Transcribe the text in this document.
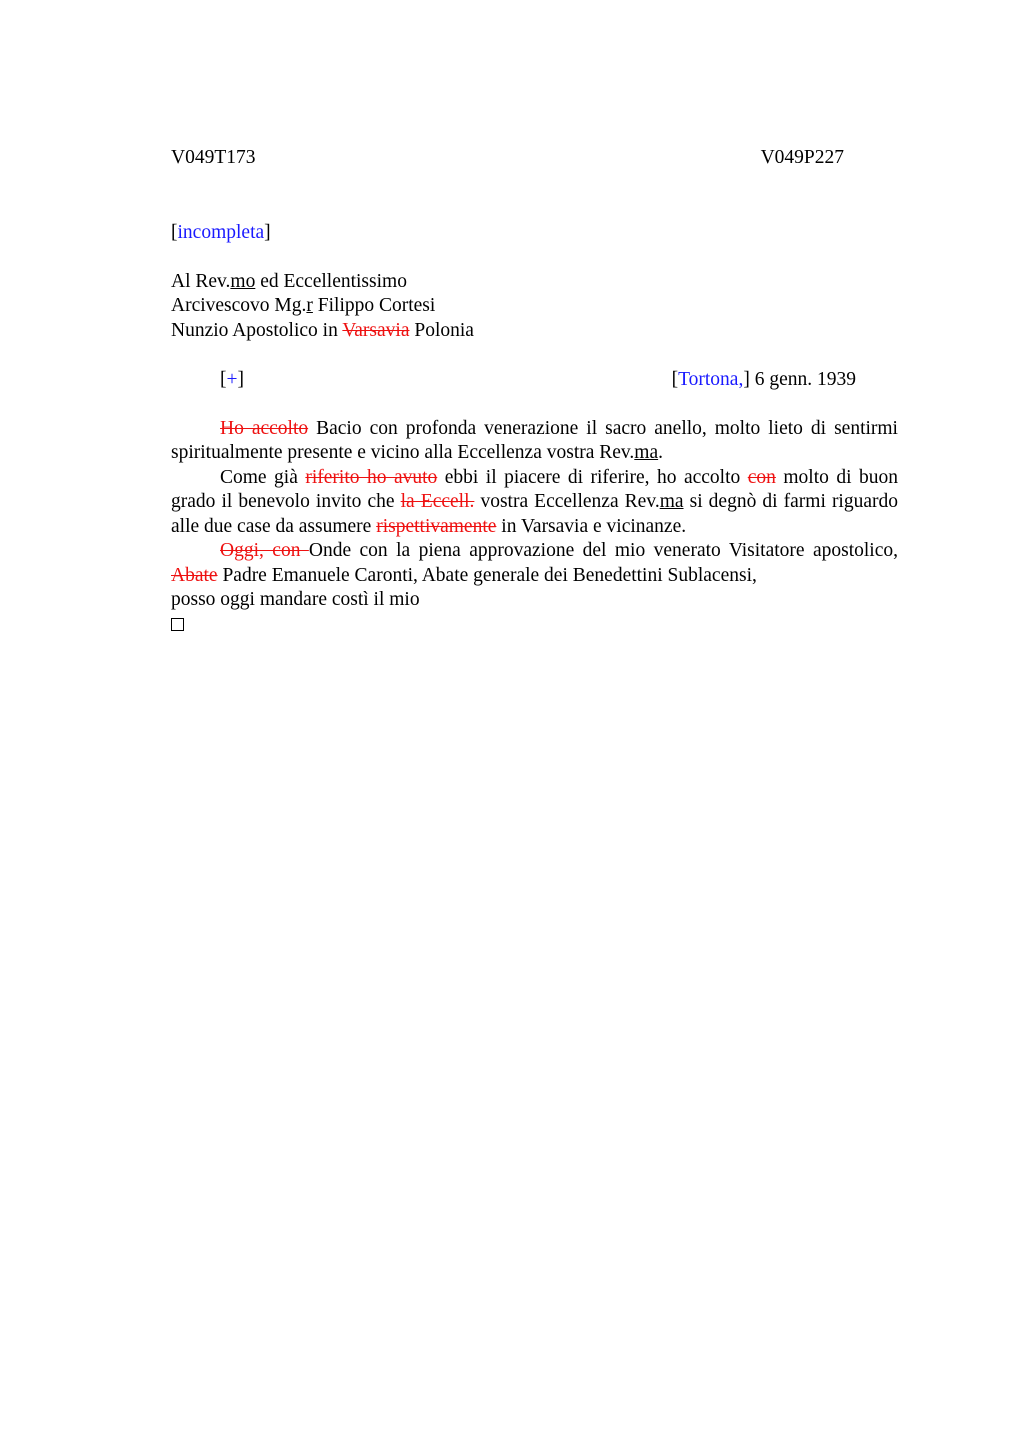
V049T173	V049P227
[incompleta]
Al Rev.mo ed Eccellentissimo
Arcivescovo Mg.r Filippo Cortesi
Nunzio Apostolico in Varsavia Polonia
[+]	[Tortona,] 6 genn. 1939
Ho accolto Bacio con profonda venerazione il sacro anello, molto lieto di sentirmi spiritualmente presente e vicino alla Eccellenza vostra Rev.ma.
Come già riferito ho avuto ebbi il piacere di riferire, ho accolto con molto di buon grado il benevolo invito che la Eccell. vostra Eccellenza Rev.ma si degnò di farmi riguardo alle due case da assumere rispettivamente in Varsavia e vicinanze.
Oggi, con Onde con la piena approvazione del mio venerato Visitatore apostolico, Abate Padre Emanuele Caronti, Abate generale dei Benedettini Sublacensi,
posso oggi mandare costì il mio
